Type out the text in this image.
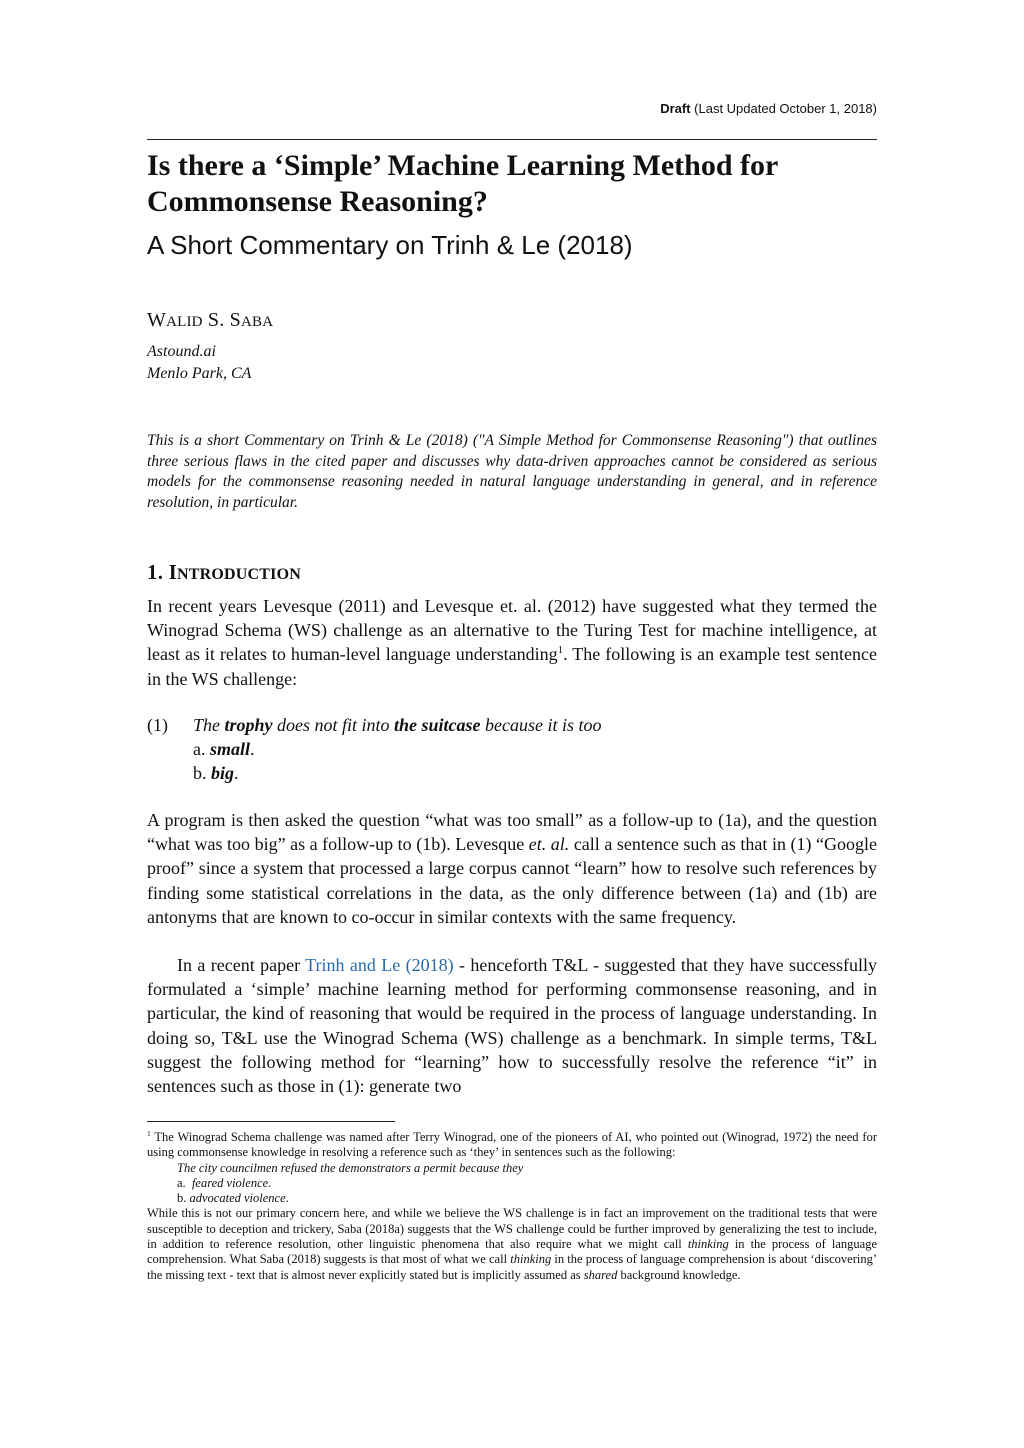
Draft (Last Updated October 1, 2018)
Is there a ‘Simple’ Machine Learning Method for Commonsense Reasoning?
A Short Commentary on Trinh & Le (2018)
WALID S. SABA
Astound.ai
Menlo Park, CA

This is a short Commentary on Trinh & Le (2018) ("A Simple Method for Commonsense Reasoning") that outlines three serious flaws in the cited paper and discusses why data-driven approaches cannot be considered as serious models for the commonsense reasoning needed in natural language understanding in general, and in reference resolution, in particular.

1. INTRODUCTION

In recent years Levesque (2011) and Levesque et. al. (2012) have suggested what they termed the Winograd Schema (WS) challenge as an alternative to the Turing Test for machine intelligence, at least as it relates to human-level language understanding$^1$. The following is an example test sentence in the WS challenge:

(1) The trophy does not fit into the suitcase because it is too
a. small.
b. big.

A program is then asked the question “what was too small” as a follow-up to (1a), and the question “what was too big” as a follow-up to (1b). Levesque et. al. call a sentence such as that in (1) “Google proof” since a system that processed a large corpus cannot “learn” how to resolve such references by finding some statistical correlations in the data, as the only difference between (1a) and (1b) are antonyms that are known to co-occur in similar contexts with the same frequency.

In a recent paper Trinh and Le (2018) - henceforth T&L - suggested that they have successfully formulated a ‘simple’ machine learning method for performing commonsense reasoning, and in particular, the kind of reasoning that would be required in the process of language understanding. In doing so, T&L use the Winograd Schema (WS) challenge as a benchmark. In simple terms, T&L suggest the following method for “learning” how to successfully resolve the reference “it” in sentences such as those in (1): generate two

$^1$ The Winograd Schema challenge was named after Terry Winograd, one of the pioneers of AI, who pointed out (Winograd, 1972) the need for using commonsense knowledge in resolving a reference such as ‘they’ in sentences such as the following:

The city councilmen refused the demonstrators a permit because they

a.  feared violence.

b. advocated violence.

While this is not our primary concern here, and while we believe the WS challenge is in fact an improvement on the traditional tests that were susceptible to deception and trickery, Saba (2018a) suggests that the WS challenge could be further improved by generalizing the test to include, in addition to reference resolution, other linguistic phenomena that also require what we might call thinking in the process of language comprehension. What Saba (2018) suggests is that most of what we call thinking in the process of language comprehension is about ‘discovering’ the missing text - text that is almost never explicitly stated but is implicitly assumed as shared background knowledge.
